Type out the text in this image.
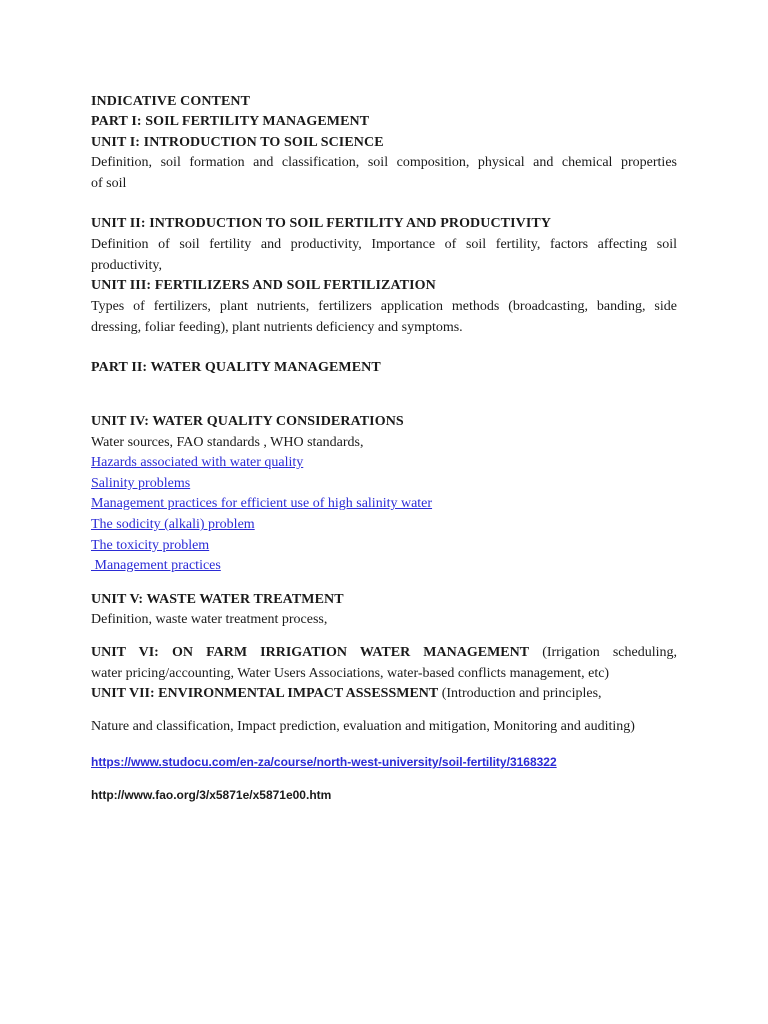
INDICATIVE CONTENT
PART I: SOIL FERTILITY MANAGEMENT
UNIT I: INTRODUCTION TO SOIL SCIENCE
Definition, soil formation and classification, soil composition, physical and chemical properties
of soil
UNIT II: INTRODUCTION TO SOIL FERTILITY AND PRODUCTIVITY
Definition of soil fertility and productivity, Importance of soil fertility, factors affecting soil
productivity,
UNIT III: FERTILIZERS AND SOIL FERTILIZATION
Types of fertilizers, plant nutrients, fertilizers application methods (broadcasting, banding, side
dressing, foliar feeding), plant nutrients deficiency and symptoms.
PART II: WATER QUALITY MANAGEMENT
UNIT IV: WATER QUALITY CONSIDERATIONS
Water sources, FAO standards , WHO standards,
Hazards associated with water quality
Salinity problems
Management practices for efficient use of high salinity water
The sodicity (alkali) problem
The toxicity problem
Management practices
UNIT V: WASTE WATER TREATMENT
Definition, waste water treatment process,
UNIT VI: ON FARM IRRIGATION WATER MANAGEMENT (Irrigation scheduling,
water pricing/accounting, Water Users Associations, water-based conflicts management, etc)
UNIT VII: ENVIRONMENTAL IMPACT ASSESSMENT (Introduction and principles,
Nature and classification, Impact prediction, evaluation and mitigation, Monitoring and auditing)
https://www.studocu.com/en-za/course/north-west-university/soil-fertility/3168322
http://www.fao.org/3/x5871e/x5871e00.htm
